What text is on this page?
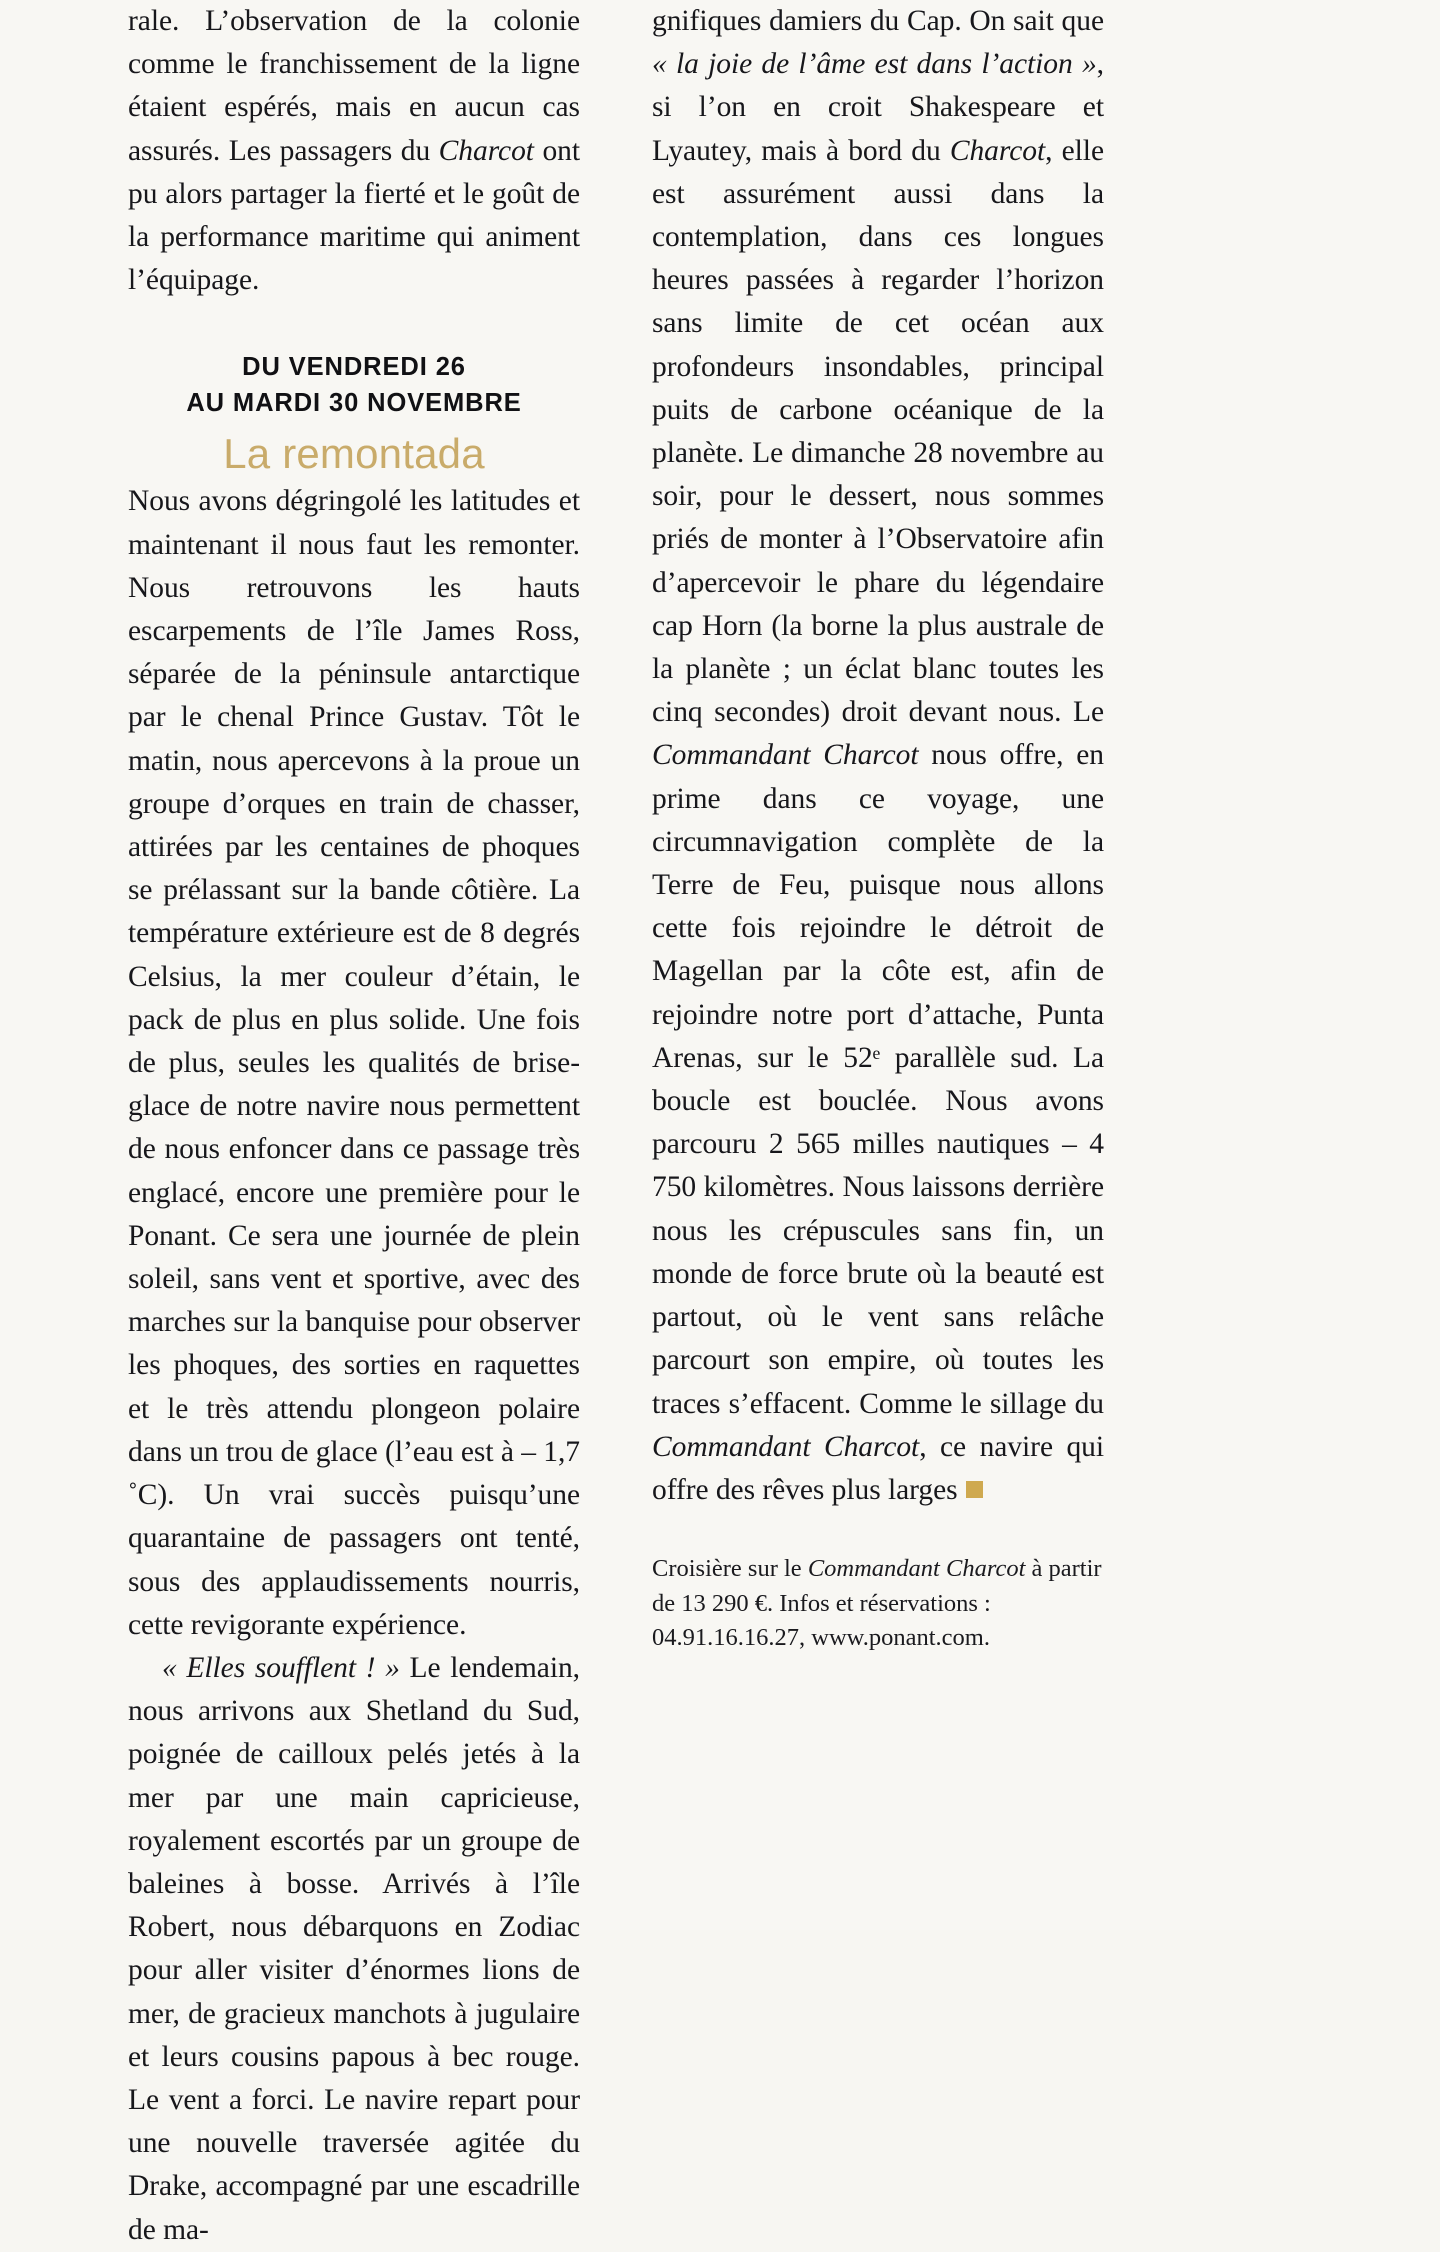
rale. L’observation de la colonie comme le franchissement de la ligne étaient espérés, mais en aucun cas assurés. Les passagers du Charcot ont pu alors partager la fierté et le goût de la performance maritime qui animent l’équipage.

DU VENDREDI 26
AU MARDI 30 NOVEMBRE
La remontada

Nous avons dégringolé les latitudes et maintenant il nous faut les remonter. Nous retrouvons les hauts escarpements de l’île James Ross, séparée de la péninsule antarctique par le chenal Prince Gustav. Tôt le matin, nous apercevons à la proue un groupe d’orques en train de chasser, attirées par les centaines de phoques se prélassant sur la bande côtière. La température extérieure est de 8 degrés Celsius, la mer couleur d’étain, le pack de plus en plus solide. Une fois de plus, seules les qualités de brise-glace de notre navire nous permettent de nous enfoncer dans ce passage très englacé, encore une première pour le Ponant. Ce sera une journée de plein soleil, sans vent et sportive, avec des marches sur la banquise pour observer les phoques, des sorties en raquettes et le très attendu plongeon polaire dans un trou de glace (l’eau est à – 1,7 ˚C). Un vrai succès puisqu’une quarantaine de passagers ont tenté, sous des applaudissements nourris, cette revigorante expérience.

« Elles soufflent ! » Le lendemain, nous arrivons aux Shetland du Sud, poignée de cailloux pelés jetés à la mer par une main capricieuse, royalement escortés par un groupe de baleines à bosse. Arrivés à l’île Robert, nous débarquons en Zodiac pour aller visiter d’énormes lions de mer, de gracieux manchots à jugulaire et leurs cousins papous à bec rouge. Le vent a forci. Le navire repart pour une nouvelle traversée agitée du Drake, accompagné par une escadrille de ma-

gnifiques damiers du Cap. On sait que « la joie de l’âme est dans l’action », si l’on en croit Shakespeare et Lyautey, mais à bord du Charcot, elle est assurément aussi dans la contemplation, dans ces longues heures passées à regarder l’horizon sans limite de cet océan aux profondeurs insondables, principal puits de carbone océanique de la planète. Le dimanche 28 novembre au soir, pour le dessert, nous sommes priés de monter à l’Observatoire afin d’apercevoir le phare du légendaire cap Horn (la borne la plus australe de la planète ; un éclat blanc toutes les cinq secondes) droit devant nous. Le Commandant Charcot nous offre, en prime dans ce voyage, une circumnavigation complète de la Terre de Feu, puisque nous allons cette fois rejoindre le détroit de Magellan par la côte est, afin de rejoindre notre port d’attache, Punta Arenas, sur le 52ᵉ parallèle sud. La boucle est bouclée. Nous avons parcouru 2 565 milles nautiques – 4 750 kilomètres. Nous laissons derrière nous les crépuscules sans fin, un monde de force brute où la beauté est partout, où le vent sans relâche parcourt son empire, où toutes les traces s’effacent. Comme le sillage du Commandant Charcot, ce navire qui offre des rêves plus larges

Croisière sur le Commandant Charcot à partir de 13 290 €. Infos et réservations : 04.91.16.16.27, www.ponant.com.
